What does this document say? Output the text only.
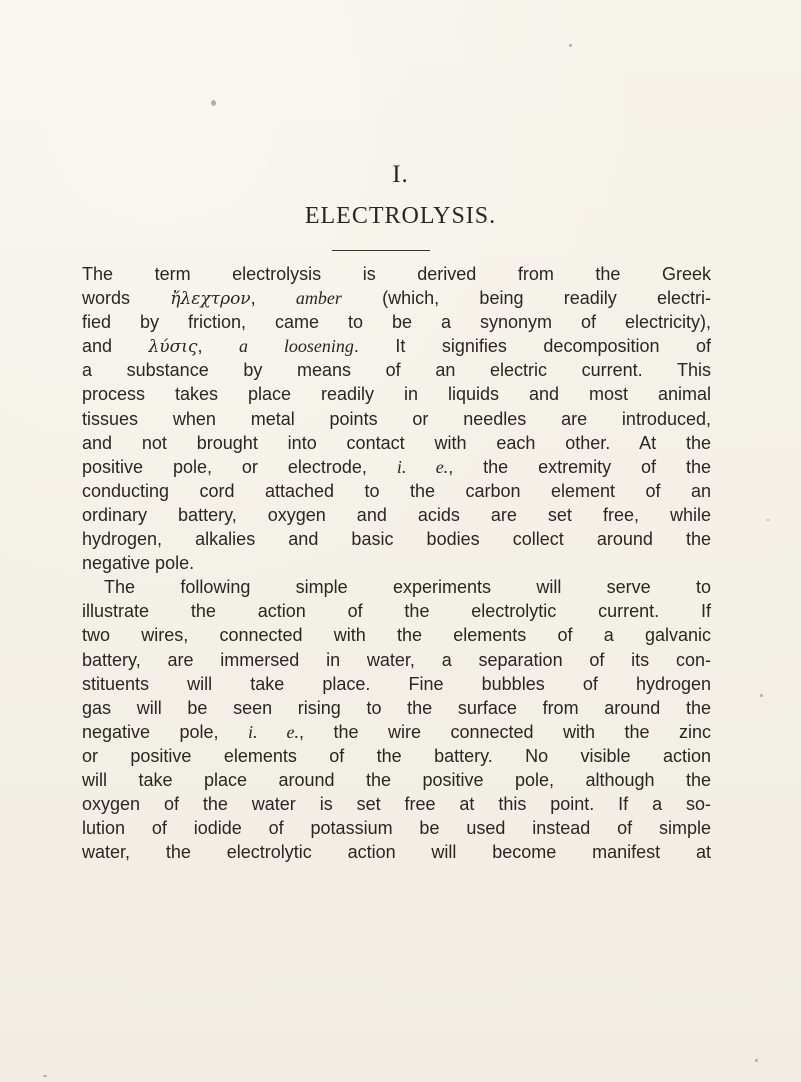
I.
ELECTROLYSIS.
The term electrolysis is derived from the Greek
words ἤλεχτρον, amber (which, being readily electri-
fied by friction, came to be a synonym of electricity),
and λύσις, a loosening. It signifies decomposition of
a substance by means of an electric current. This
process takes place readily in liquids and most animal
tissues when metal points or needles are introduced,
and not brought into contact with each other. At the
positive pole, or electrode, i. e., the extremity of the
conducting cord attached to the carbon element of an
ordinary battery, oxygen and acids are set free, while
hydrogen, alkalies and basic bodies collect around the
negative pole.
The following simple experiments will serve to
illustrate the action of the electrolytic current. If
two wires, connected with the elements of a galvanic
battery, are immersed in water, a separation of its con-
stituents will take place. Fine bubbles of hydrogen
gas will be seen rising to the surface from around the
negative pole, i. e., the wire connected with the zinc
or positive elements of the battery. No visible action
will take place around the positive pole, although the
oxygen of the water is set free at this point. If a so-
lution of iodide of potassium be used instead of simple
water, the electrolytic action will become manifest at
